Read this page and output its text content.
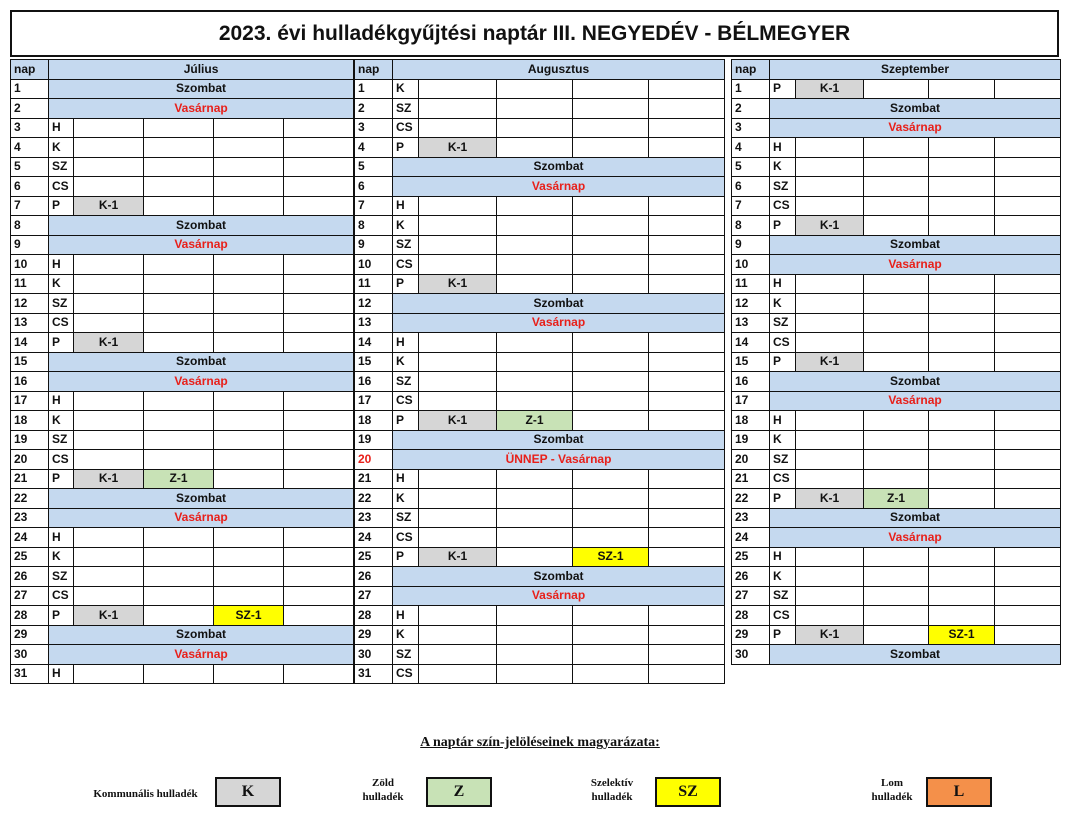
2023. évi hulladékgyűjtési naptár III. NEGYEDÉV - BÉLMEGYER
nap	Július				
1	Szombat				
2	Vasárnap				
3	H				
4	K				
5	SZ				
6	CS				
7	P	K-1			
8	Szombat				
9	Vasárnap				
10	H				
11	K				
12	SZ				
13	CS				
14	P	K-1			
15	Szombat				
16	Vasárnap				
17	H				
18	K				
19	SZ				
20	CS				
21	P	K-1	Z-1		
22	Szombat				
23	Vasárnap				
24	H				
25	K				
26	SZ				
27	CS				
28	P	K-1		SZ-1	
29	Szombat				
30	Vasárnap				
31	H				
nap	Augusztus				
1	K				
2	SZ				
3	CS				
4	P	K-1			
5	Szombat				
6	Vasárnap				
7	H				
8	K				
9	SZ				
10	CS				
11	P	K-1			
12	Szombat				
13	Vasárnap				
14	H				
15	K				
16	SZ				
17	CS				
18	P	K-1	Z-1		
19	Szombat				
20	ÜNNEP - Vasárnap				
21	H				
22	K				
23	SZ				
24	CS				
25	P	K-1		SZ-1	
26	Szombat				
27	Vasárnap				
28	H				
29	K				
30	SZ				
31	CS				
nap	Szeptember				
1	P	K-1			
2	Szombat				
3	Vasárnap				
4	H				
5	K				
6	SZ				
7	CS				
8	P	K-1			
9	Szombat				
10	Vasárnap				
11	H				
12	K				
13	SZ				
14	CS				
15	P	K-1			
16	Szombat				
17	Vasárnap				
18	H				
19	K				
20	SZ				
21	CS				
22	P	K-1	Z-1		
23	Szombat				
24	Vasárnap				
25	H				
26	K				
27	SZ				
28	CS				
29	P	K-1		SZ-1	
30	Szombat				
A naptár szín-jelöléseinek magyarázata:
Kommunális hulladék	K	Zöld hulladék	Z	Szelektív hulladék	SZ	Lom hulladék	L
